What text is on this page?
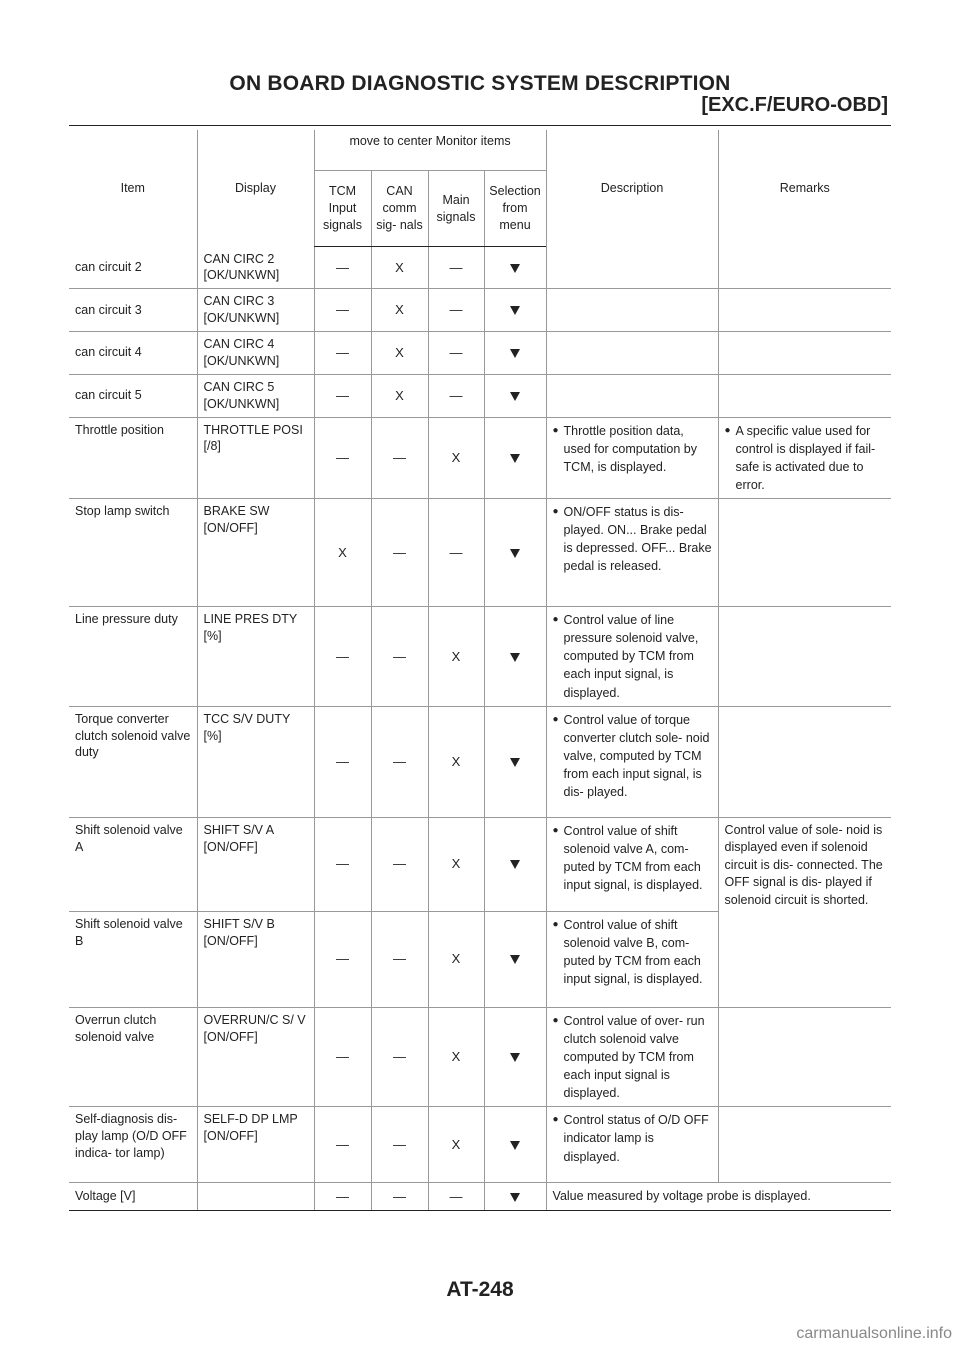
ON BOARD DIAGNOSTIC SYSTEM DESCRIPTION
[EXC.F/EURO-OBD]
Item	Display	move to center Monitor items				Description	Remarks
		TCM Input signals	CAN comm sig- nals	Main signals	Selection from menu		
can circuit 2	CAN CIRC 2 [OK/UNKWN]	—	X	—			
can circuit 3	CAN CIRC 3 [OK/UNKWN]	—	X	—			
can circuit 4	CAN CIRC 4 [OK/UNKWN]	—	X	—			
can circuit 5	CAN CIRC 5 [OK/UNKWN]	—	X	—			
Throttle position	THROTTLE POSI [/8]	—	—	X		● Throttle position data, used for computation by TCM, is displayed.	● A specific value used for control is displayed if fail-safe is activated due to error.

Stop lamp switch	BRAKE SW [ON/OFF]	X	—	—		● ON/OFF status is dis- played. ON... Brake pedal is depressed. OFF... Brake pedal is released.	

Line pressure duty	LINE PRES DTY [%]	—	—	X		● Control value of line pressure solenoid valve, computed by TCM from each input signal, is displayed.	

Torque converter clutch solenoid valve duty	TCC S/V DUTY [%]	—	—	X		● Control value of torque converter clutch sole- noid valve, computed by TCM from each input signal, is dis- played.	

Shift solenoid valve A	SHIFT S/V A [ON/OFF]	—	—	X		● Control value of shift solenoid valve A, com- puted by TCM from each input signal, is displayed.	Control value of sole- noid is displayed even if solenoid circuit is dis- connected. The OFF signal is dis- played if solenoid circuit is shorted.
Shift solenoid valve B	SHIFT S/V B [ON/OFF]	—	—	X		● Control value of shift solenoid valve B, com- puted by TCM from each input signal, is displayed.	

Overrun clutch solenoid valve	OVERRUN/C S/ V [ON/OFF]	—	—	X		● Control value of over- run clutch solenoid valve computed by TCM from each input signal is displayed.	

Self-diagnosis dis- play lamp (O/D OFF indica- tor lamp)	SELF-D DP LMP [ON/OFF]	—	—	X		● Control status of O/D OFF indicator lamp is displayed.	

Voltage [V]		—	—	—		Value measured by voltage probe is displayed.	
AT-248
carmanualsonline.info
